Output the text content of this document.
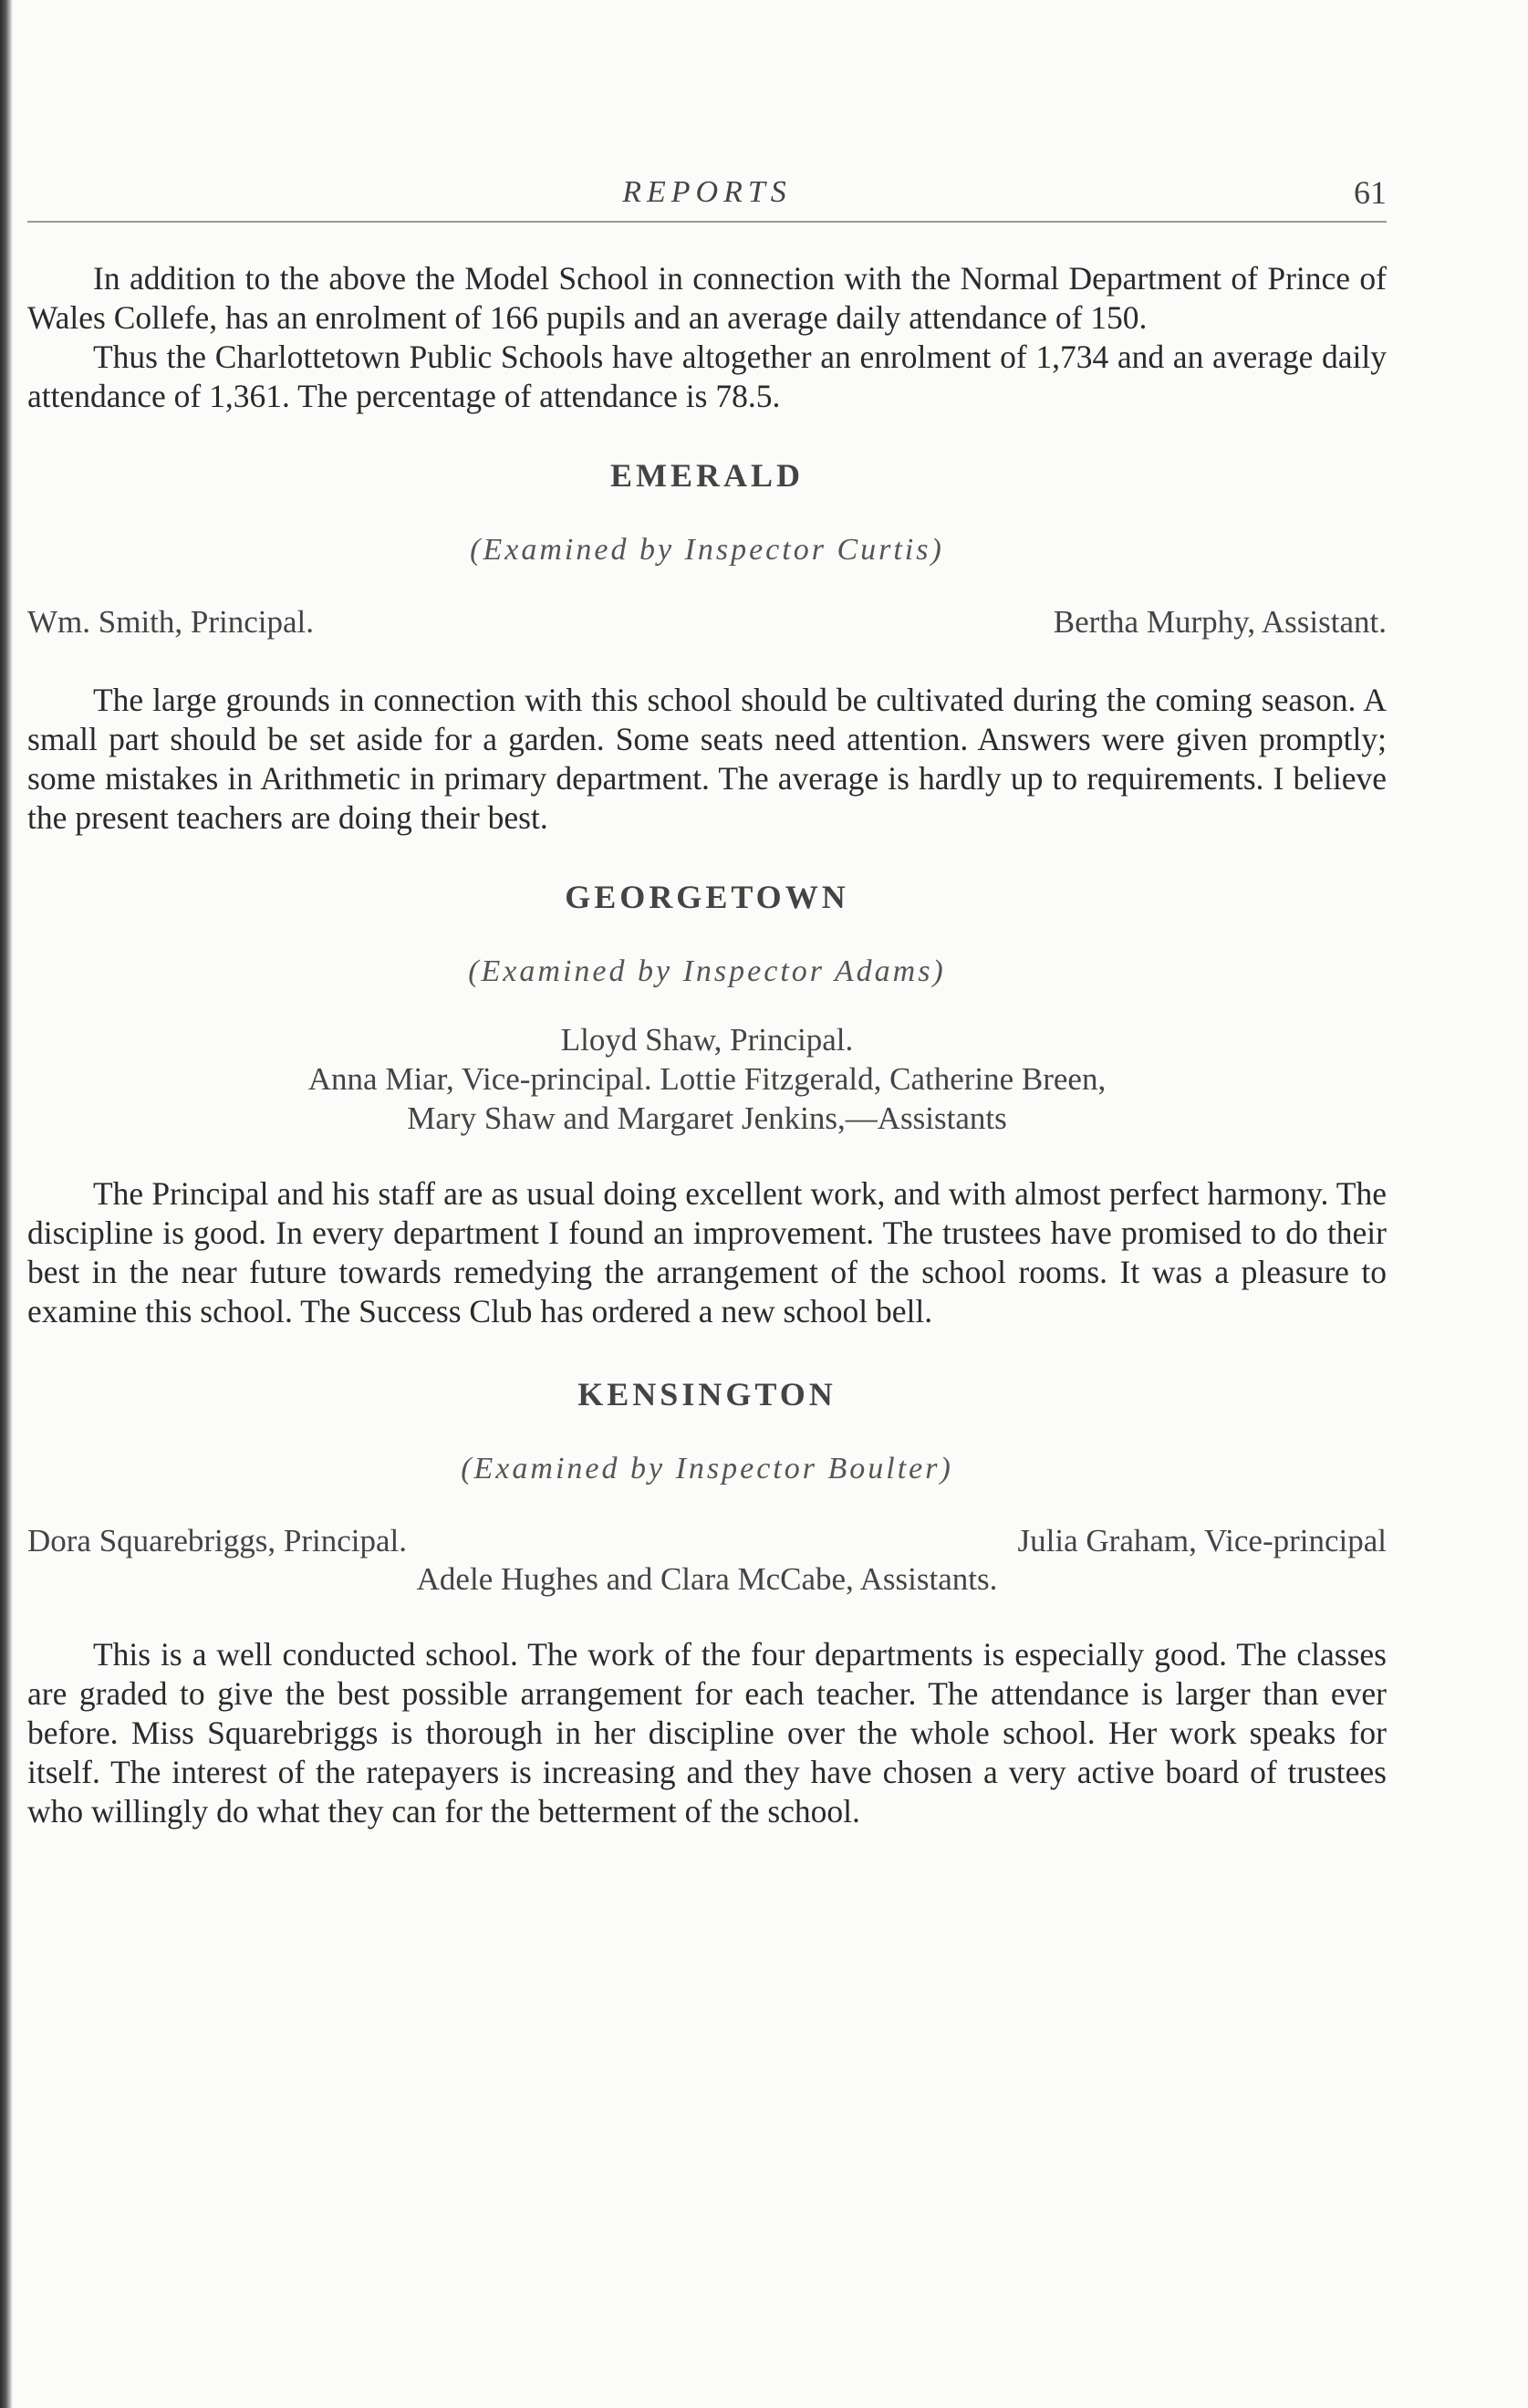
REPORTS	61

In addition to the above the Model School in connection with the Normal Department of Prince of Wales Collefe, has an enrolment of 166 pupils and an average daily attendance of 150.

Thus the Charlottetown Public Schools have altogether an enrolment of 1,734 and an average daily attendance of 1,361. The percentage of attendance is 78.5.

EMERALD

(Examined by Inspector Curtis)

Wm. Smith, Principal.	Bertha Murphy, Assistant.

The large grounds in connection with this school should be cultivated during the coming season. A small part should be set aside for a garden. Some seats need attention. Answers were given promptly; some mistakes in Arithmetic in primary department. The average is hardly up to requirements. I believe the present teachers are doing their best.

GEORGETOWN

(Examined by Inspector Adams)

Lloyd Shaw, Principal.
Anna Miar, Vice-principal. Lottie Fitzgerald, Catherine Breen,
Mary Shaw and Margaret Jenkins,—Assistants

The Principal and his staff are as usual doing excellent work, and with almost perfect harmony. The discipline is good. In every department I found an improvement. The trustees have promised to do their best in the near future towards remedying the arrangement of the school rooms. It was a pleasure to examine this school. The Success Club has ordered a new school bell.

KENSINGTON

(Examined by Inspector Boulter)

Dora Squarebriggs, Principal.	Julia Graham, Vice-principal
Adele Hughes and Clara McCabe, Assistants.

This is a well conducted school. The work of the four departments is especially good. The classes are graded to give the best possible arrangement for each teacher. The attendance is larger than ever before. Miss Squarebriggs is thorough in her discipline over the whole school. Her work speaks for itself. The interest of the ratepayers is increasing and they have chosen a very active board of trustees who willingly do what they can for the betterment of the school.
